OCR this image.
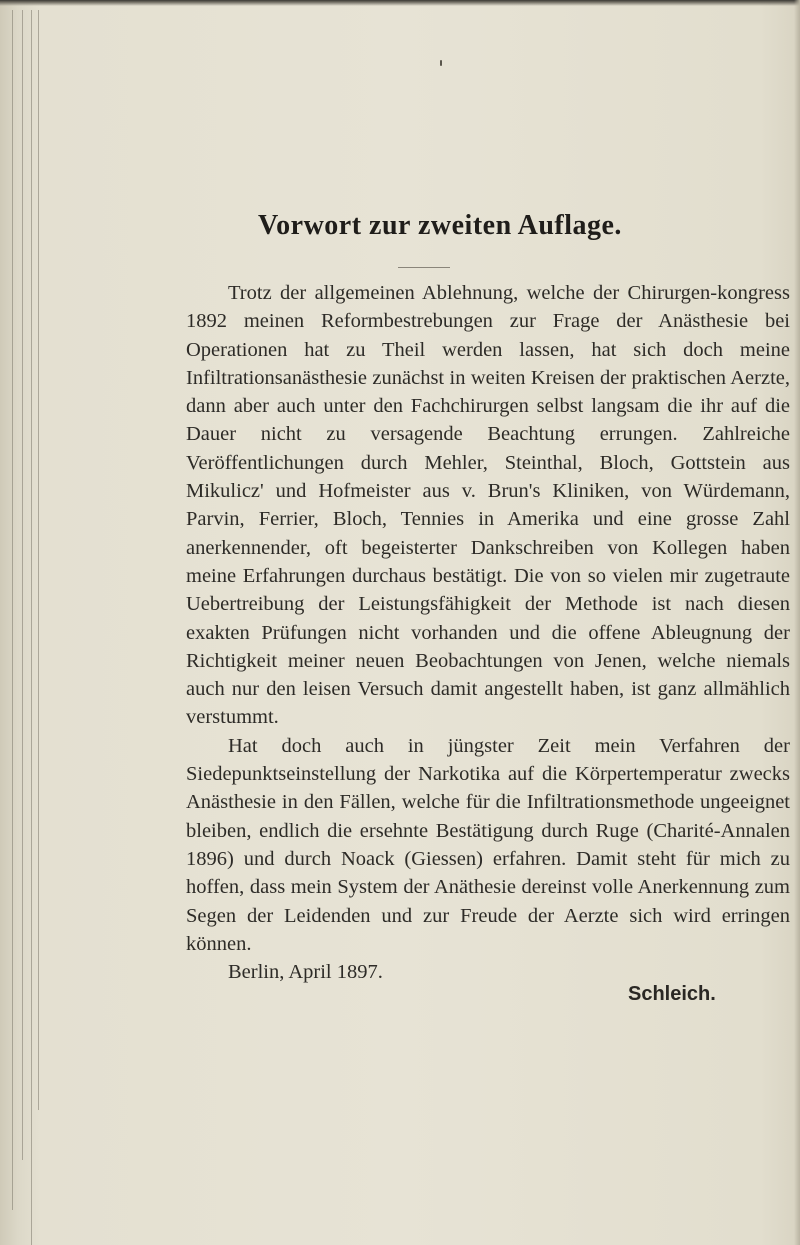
Vorwort zur zweiten Auflage.

Trotz der allgemeinen Ablehnung, welche der Chirurgen-kongress 1892 meinen Reformbestrebungen zur Frage der Anästhesie bei Operationen hat zu Theil werden lassen, hat sich doch meine Infiltrationsanästhesie zunächst in weiten Kreisen der praktischen Aerzte, dann aber auch unter den Fachchirurgen selbst langsam die ihr auf die Dauer nicht zu versagende Beachtung errungen. Zahlreiche Veröffentlichungen durch Mehler, Steinthal, Bloch, Gottstein aus Mikulicz' und Hofmeister aus v. Brun's Kliniken, von Würdemann, Parvin, Ferrier, Bloch, Tennies in Amerika und eine grosse Zahl anerkennender, oft begeisterter Dankschreiben von Kollegen haben meine Erfahrungen durchaus bestätigt. Die von so vielen mir zugetraute Uebertreibung der Leistungsfähigkeit der Methode ist nach diesen exakten Prüfungen nicht vorhanden und die offene Ableugnung der Richtigkeit meiner neuen Beobachtungen von Jenen, welche niemals auch nur den leisen Versuch damit angestellt haben, ist ganz allmählich verstummt.

Hat doch auch in jüngster Zeit mein Verfahren der Siedepunktseinstellung der Narkotika auf die Körpertemperatur zwecks Anästhesie in den Fällen, welche für die Infiltrationsmethode ungeeignet bleiben, endlich die ersehnte Bestätigung durch Ruge (Charité-Annalen 1896) und durch Noack (Giessen) erfahren. Damit steht für mich zu hoffen, dass mein System der Anäthesie dereinst volle Anerkennung zum Segen der Leidenden und zur Freude der Aerzte sich wird erringen können.

Berlin, April 1897.
Schleich.
